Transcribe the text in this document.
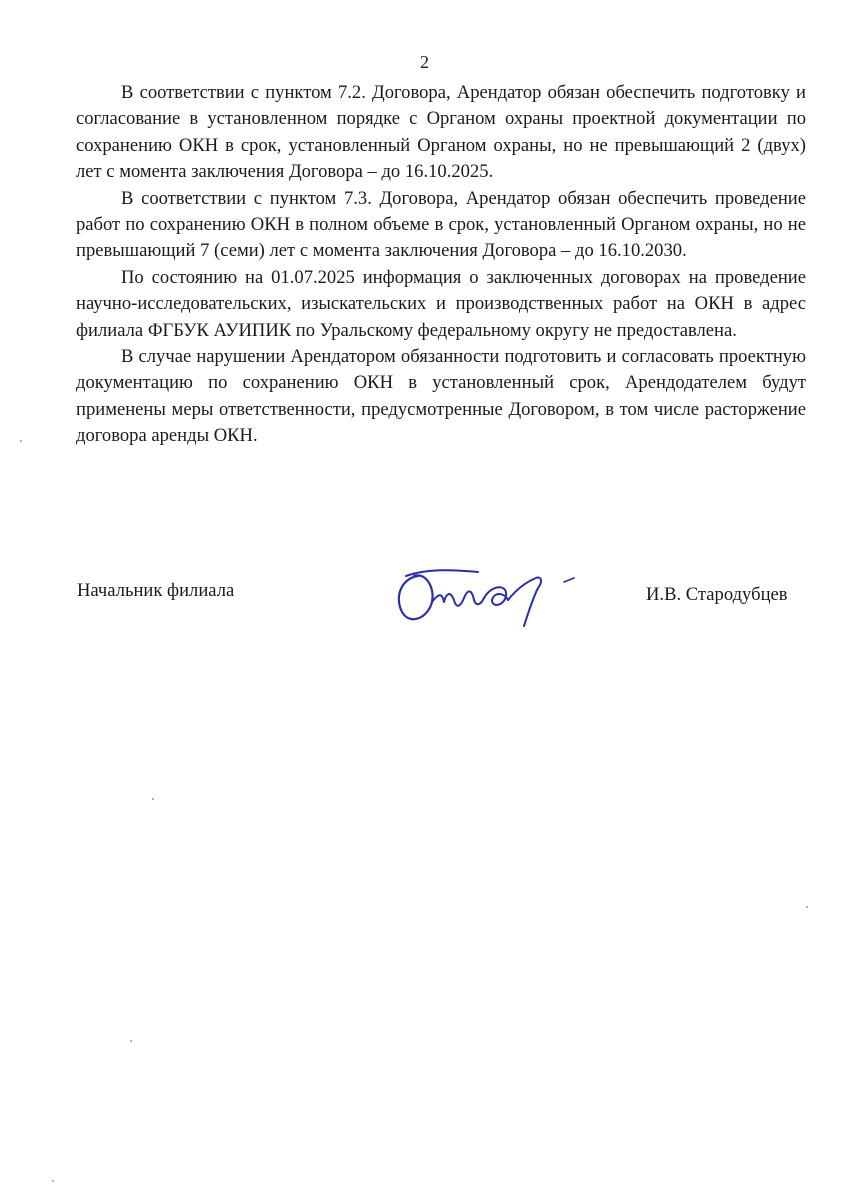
2

В соответствии с пунктом 7.2. Договора, Арендатор обязан обеспечить подготовку и согласование в установленном порядке с Органом охраны проектной документации по сохранению ОКН в срок, установленный Органом охраны, но не превышающий 2 (двух) лет с момента заключения Договора – до 16.10.2025.

В соответствии с пунктом 7.3. Договора, Арендатор обязан обеспечить проведение работ по сохранению ОКН в полном объеме в срок, установленный Органом охраны, но не превышающий 7 (семи) лет с момента заключения Договора – до 16.10.2030.

По состоянию на 01.07.2025 информация о заключенных договорах на проведение научно-исследовательских, изыскательских и производственных работ на ОКН в адрес филиала ФГБУК АУИПИК по Уральскому федеральному округу не предоставлена.

В случае нарушении Арендатором обязанности подготовить и согласовать проектную документацию по сохранению ОКН в установленный срок, Арендодателем будут применены меры ответственности, предусмотренные Договором, в том числе расторжение договора аренды ОКН.

Начальник филиала	И.В. Стародубцев
